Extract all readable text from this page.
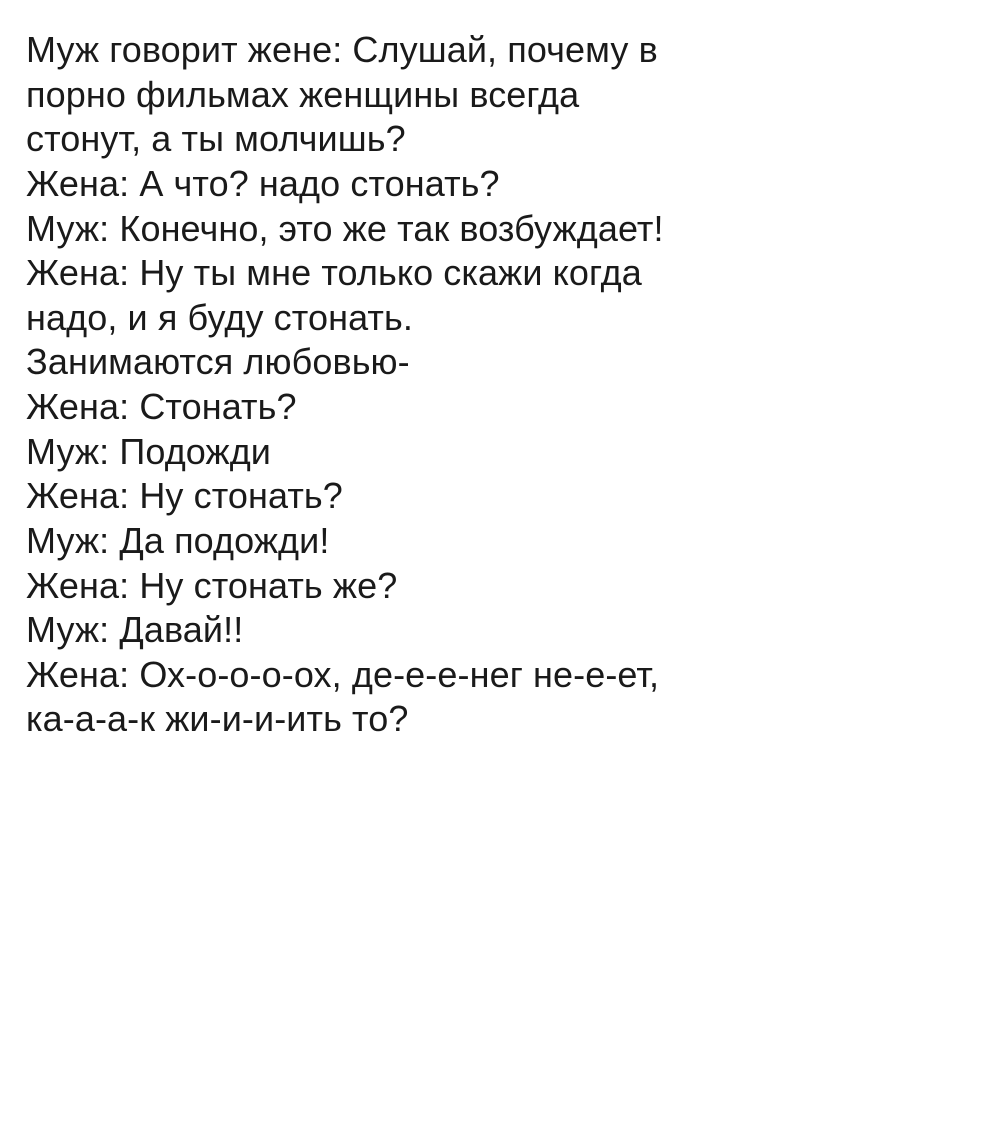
Муж говорит жене: Слушай, почему в

порно фильмах женщины всегда

стонут, а ты молчишь?

Жена: А что? надо стонать?

Муж: Конечно, это же так возбуждает!

Жена: Ну ты мне только скажи когда

надо, и я буду стонать.

Занимаются любовью-

Жена: Стонать?

Муж: Подожди

Жена: Ну стонать?

Муж: Да подожди!

Жена: Ну стонать же?

Муж: Давай!!

Жена: Ох-о-о-о-ох, де-е-е-нег не-е-ет,

ка-а-а-к жи-и-и-ить то?
